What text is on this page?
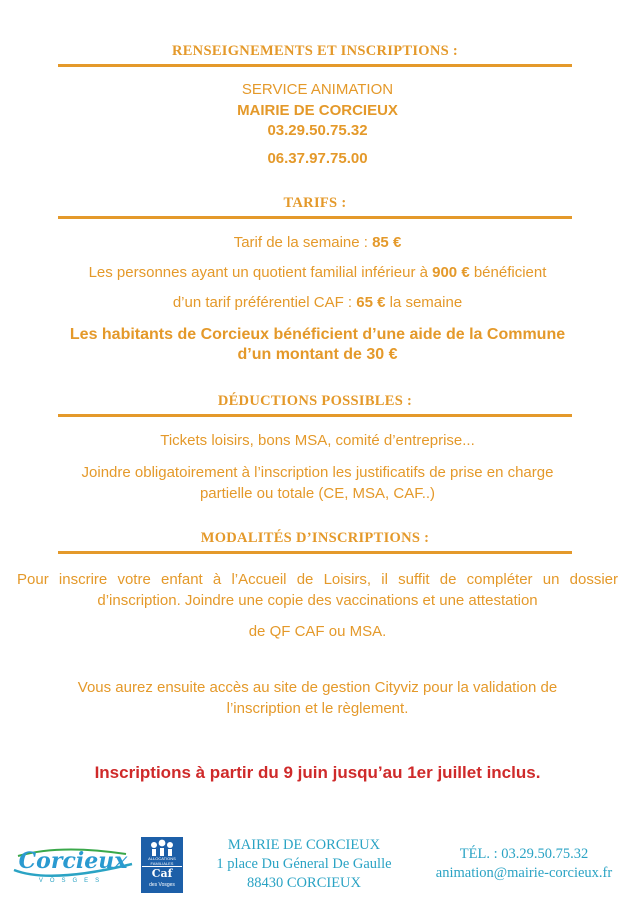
RENSEIGNEMENTS ET INSCRIPTIONS :
SERVICE ANIMATION
MAIRIE DE CORCIEUX
03.29.50.75.32
06.37.97.75.00
TARIFS :
Tarif de la semaine : 85 €
Les personnes ayant un quotient familial inférieur à 900 € bénéficient
d’un tarif préférentiel CAF : 65 € la semaine
Les habitants de Corcieux bénéficient d’une aide de la Commune
d’un montant de 30 €
DÉDUCTIONS POSSIBLES :
Tickets loisirs, bons MSA, comité d’entreprise...
Joindre obligatoirement à l’inscription les justificatifs de prise en charge
partielle ou totale (CE, MSA, CAF..)
MODALITÉS D’INSCRIPTIONS :
Pour inscrire votre enfant à l’Accueil de Loisirs, il suffit de compléter un dossier d’inscription. Joindre une copie des vaccinations et une attestation
de QF CAF ou MSA.
Vous aurez ensuite accès au site de gestion Cityviz pour la validation de
l’inscription et le règlement.
Inscriptions à partir du 9 juin jusqu’au 1er juillet inclus.
Corcieux
VOSGES
ALLOCATIONS
FAMILIALES
Caf
des Vosges
MAIRIE DE CORCIEUX
1 place Du Géneral De Gaulle
88430 CORCIEUX
TÉL. : 03.29.50.75.32
animation@mairie-corcieux.fr
